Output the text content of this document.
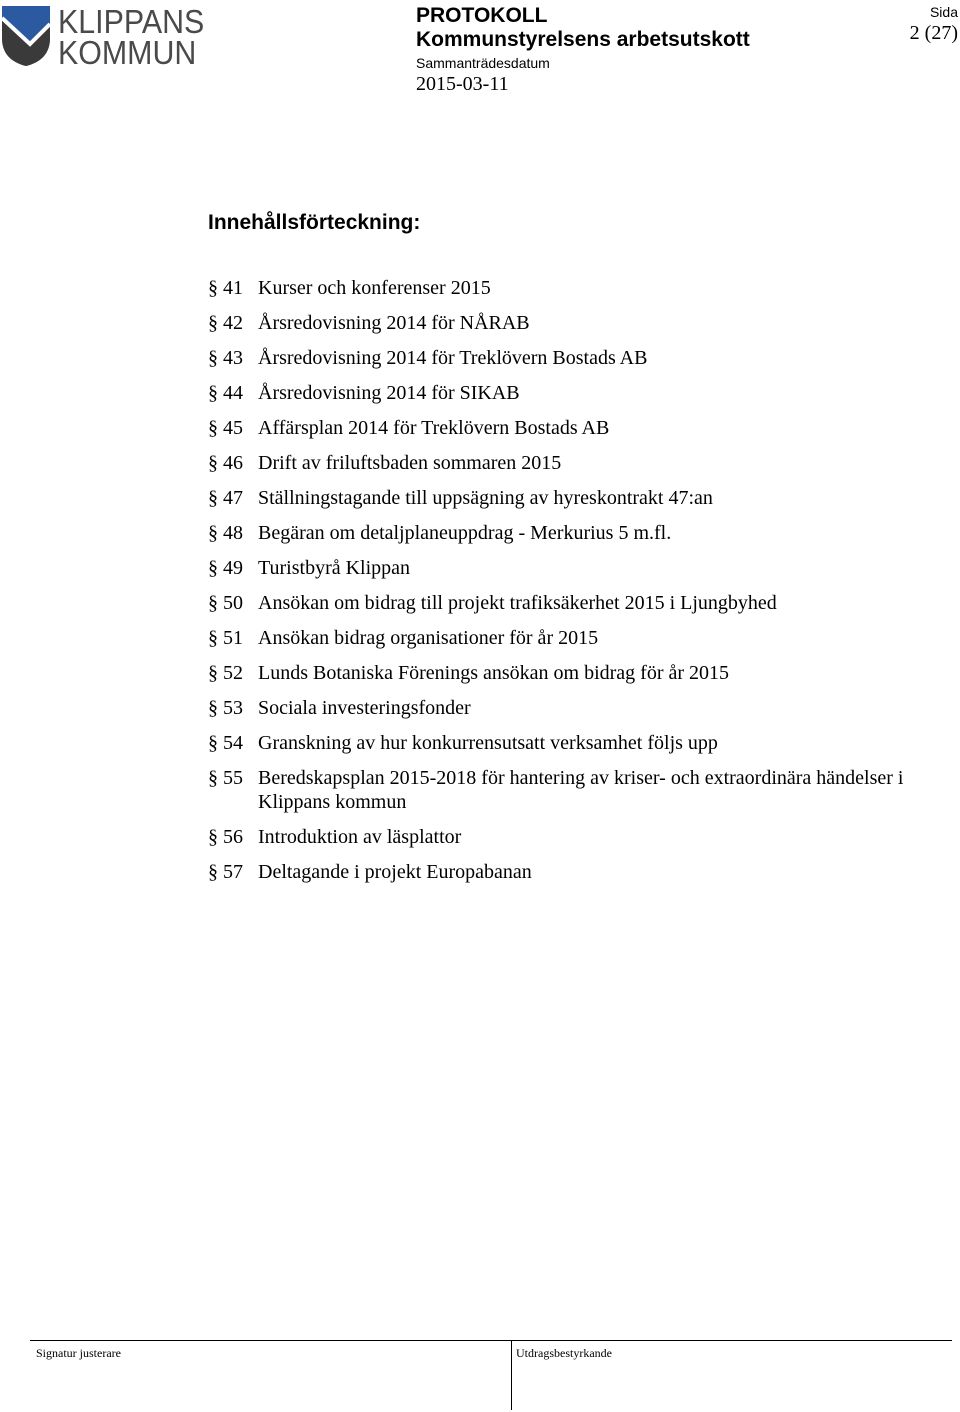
KLIPPANS
KOMMUN
PROTOKOLL
Kommunstyrelsens arbetsutskott
Sammanträdesdatum
2015-03-11
Sida
2 (27)
Innehållsförteckning:
§ 41 Kurser och konferenser 2015
§ 42 Årsredovisning 2014 för NÅRAB
§ 43 Årsredovisning 2014 för Treklövern Bostads AB
§ 44 Årsredovisning 2014 för SIKAB
§ 45 Affärsplan 2014 för Treklövern Bostads AB
§ 46 Drift av friluftsbaden sommaren 2015
§ 47 Ställningstagande till uppsägning av hyreskontrakt 47:an
§ 48 Begäran om detaljplaneuppdrag - Merkurius 5 m.fl.
§ 49 Turistbyrå Klippan
§ 50 Ansökan om bidrag till projekt trafiksäkerhet 2015 i Ljungbyhed
§ 51 Ansökan bidrag organisationer för år 2015
§ 52 Lunds Botaniska Förenings ansökan om bidrag för år 2015
§ 53 Sociala investeringsfonder
§ 54 Granskning av hur konkurrensutsatt verksamhet följs upp
§ 55 Beredskapsplan 2015-2018 för hantering av kriser- och extraordinära händelser i Klippans kommun
§ 56 Introduktion av läsplattor
§ 57 Deltagande i projekt Europabanan
Signatur justerare	Utdragsbestyrkande
